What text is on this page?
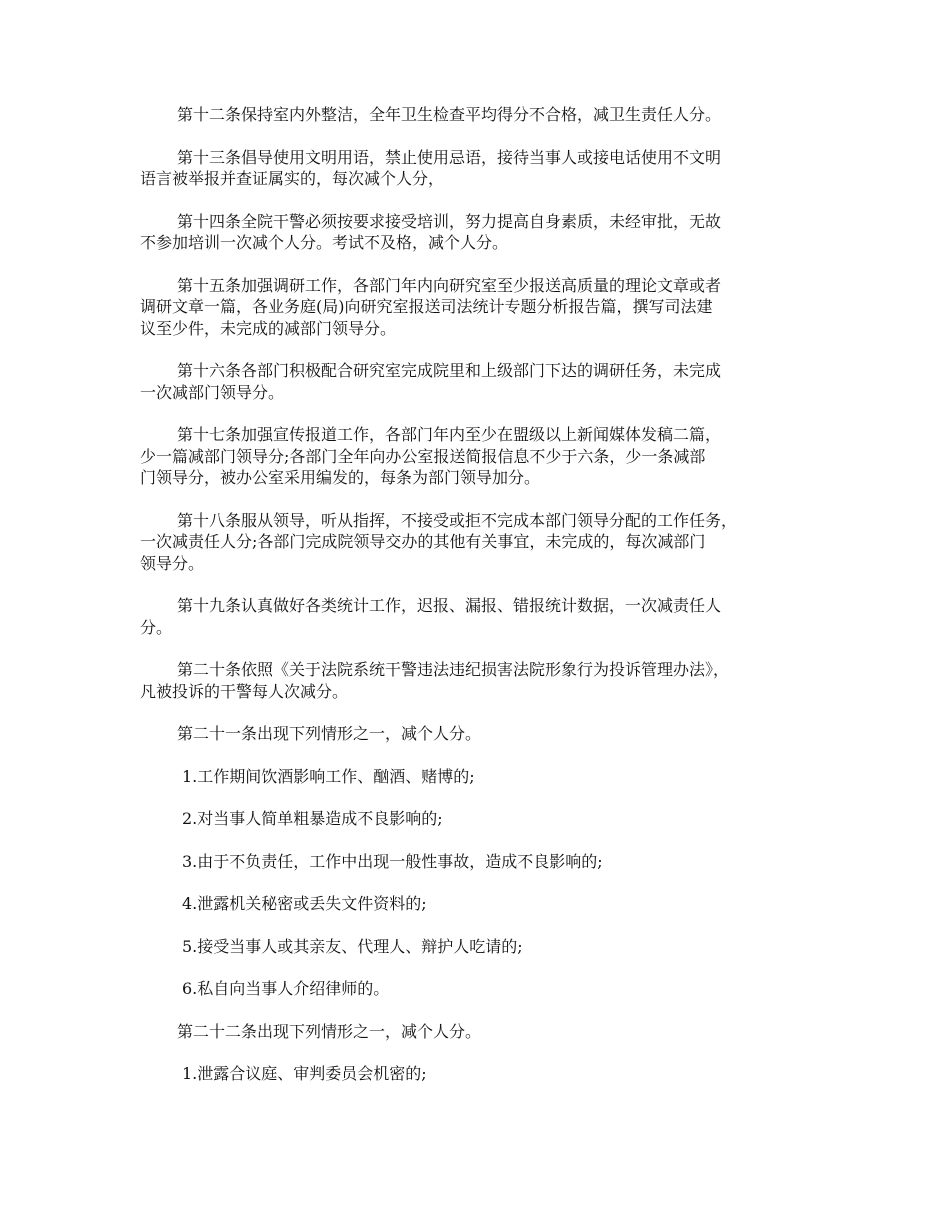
第十二条保持室内外整洁，全年卫生检查平均得分不合格，减卫生责任人分。

第十三条倡导使用文明用语，禁止使用忌语，接待当事人或接电话使用不文明
语言被举报并查证属实的，每次减个人分，

第十四条全院干警必须按要求接受培训，努力提高自身素质，未经审批，无故
不参加培训一次减个人分。考试不及格，减个人分。

第十五条加强调研工作，各部门年内向研究室至少报送高质量的理论文章或者
调研文章一篇，各业务庭(局)向研究室报送司法统计专题分析报告篇，撰写司法建
议至少件，未完成的减部门领导分。

第十六条各部门积极配合研究室完成院里和上级部门下达的调研任务，未完成
一次减部门领导分。

第十七条加强宣传报道工作，各部门年内至少在盟级以上新闻媒体发稿二篇，
少一篇减部门领导分;各部门全年向办公室报送简报信息不少于六条，少一条减部
门领导分，被办公室采用编发的，每条为部门领导加分。

第十八条服从领导，听从指挥，不接受或拒不完成本部门领导分配的工作任务，
一次减责任人分;各部门完成院领导交办的其他有关事宜，未完成的，每次减部门
领导分。

第十九条认真做好各类统计工作，迟报、漏报、错报统计数据，一次减责任人
分。

第二十条依照《关于法院系统干警违法违纪损害法院形象行为投诉管理办法》，
凡被投诉的干警每人次减分。

第二十一条出现下列情形之一，减个人分。

1.工作期间饮酒影响工作、酗酒、赌博的;
2.对当事人简单粗暴造成不良影响的;
3.由于不负责任，工作中出现一般性事故，造成不良影响的;
4.泄露机关秘密或丢失文件资料的;
5.接受当事人或其亲友、代理人、辩护人吃请的;
6.私自向当事人介绍律师的。

第二十二条出现下列情形之一，减个人分。

1.泄露合议庭、审判委员会机密的;
